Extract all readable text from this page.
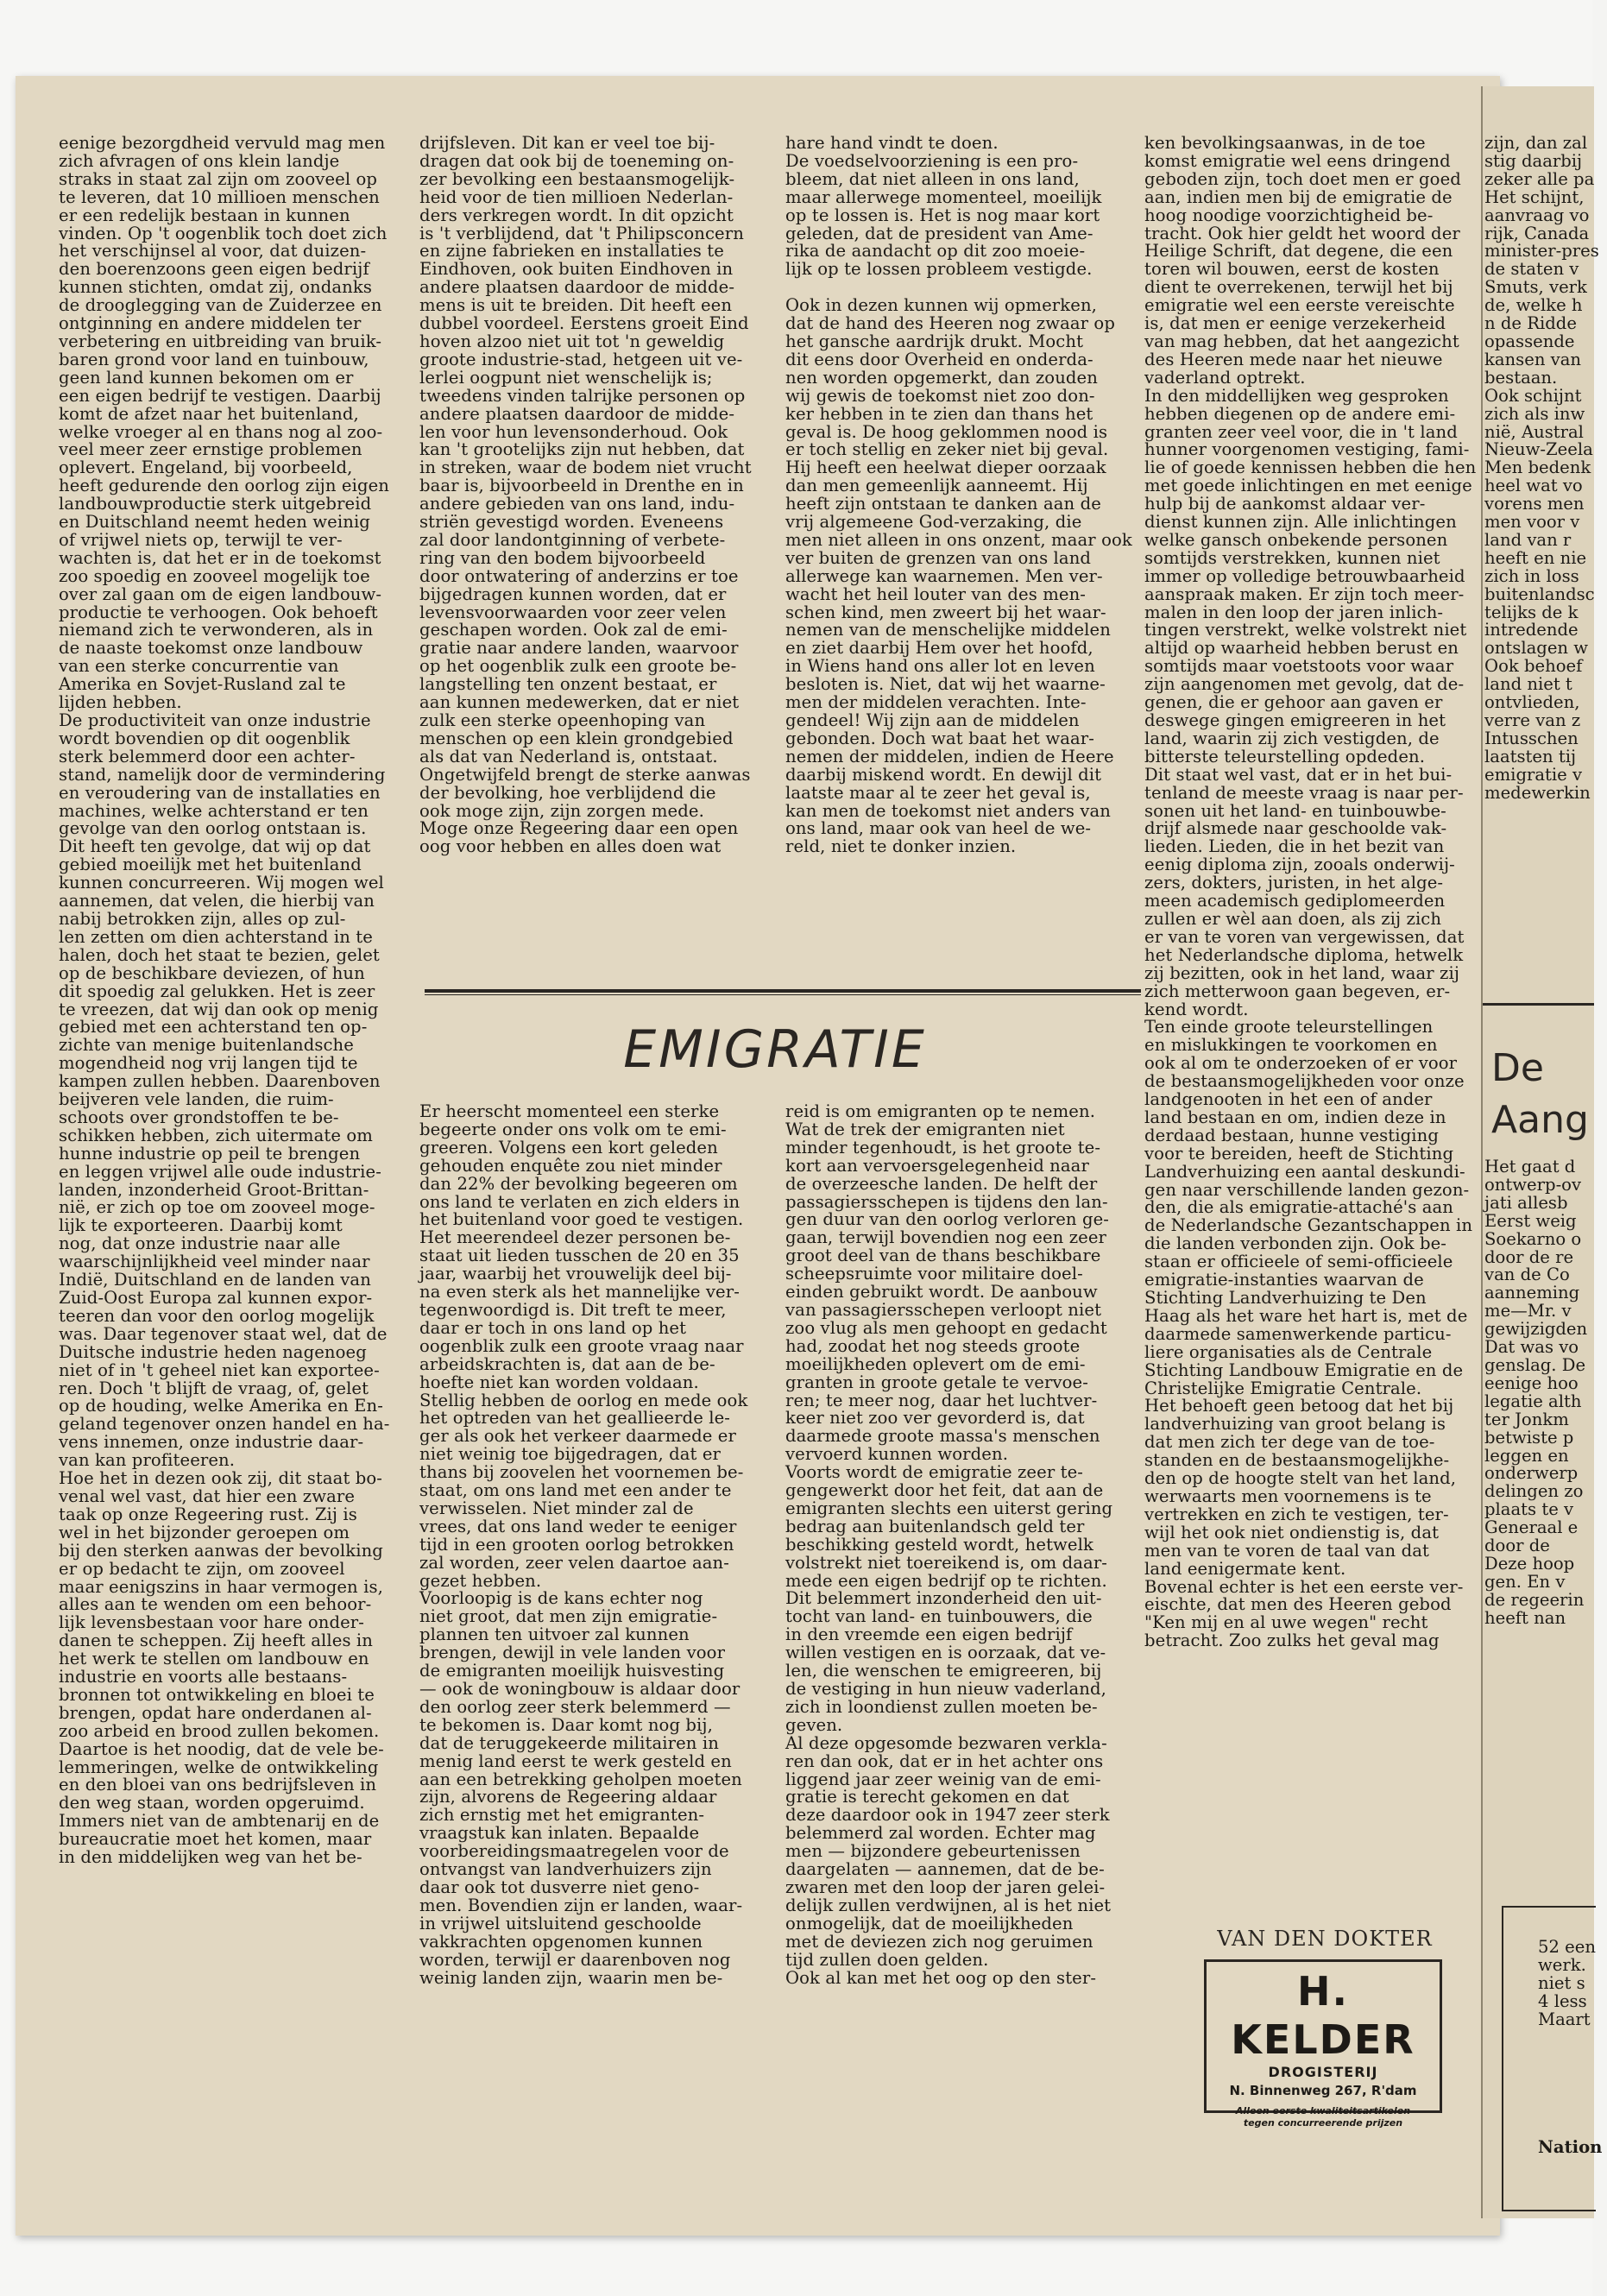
eenige bezorgdheid vervuld mag men
zich afvragen of ons klein landje
straks in staat zal zijn om zooveel op
te leveren, dat 10 millioen menschen
er een redelijk bestaan in kunnen
vinden. Op 't oogenblik toch doet zich
het verschijnsel al voor, dat duizen-
den boerenzoons geen eigen bedrijf
kunnen stichten, omdat zij, ondanks
de drooglegging van de Zuiderzee en
ontginning en andere middelen ter
verbetering en uitbreiding van bruik-
baren grond voor land en tuinbouw,
geen land kunnen bekomen om er
een eigen bedrijf te vestigen. Daarbij
komt de afzet naar het buitenland,
welke vroeger al en thans nog al zoo-
veel meer zeer ernstige problemen
oplevert. Engeland, bij voorbeeld,
heeft gedurende den oorlog zijn eigen
landbouwproductie sterk uitgebreid
en Duitschland neemt heden weinig
of vrijwel niets op, terwijl te ver-
wachten is, dat het er in de toekomst
zoo spoedig en zooveel mogelijk toe
over zal gaan om de eigen landbouw-
productie te verhoogen. Ook behoeft
niemand zich te verwonderen, als in
de naaste toekomst onze landbouw
van een sterke concurrentie van
Amerika en Sovjet-Rusland zal te
lijden hebben.
De productiviteit van onze industrie
wordt bovendien op dit oogenblik
sterk belemmerd door een achter-
stand, namelijk door de vermindering
en veroudering van de installaties en
machines, welke achterstand er ten
gevolge van den oorlog ontstaan is.
Dit heeft ten gevolge, dat wij op dat
gebied moeilijk met het buitenland
kunnen concurreeren. Wij mogen wel
aannemen, dat velen, die hierbij van
nabij betrokken zijn, alles op zul-
len zetten om dien achterstand in te
halen, doch het staat te bezien, gelet
op de beschikbare deviezen, of hun
dit spoedig zal gelukken. Het is zeer
te vreezen, dat wij dan ook op menig
gebied met een achterstand ten op-
zichte van menige buitenlandsche
mogendheid nog vrij langen tijd te
kampen zullen hebben. Daarenboven
beijveren vele landen, die ruim-
schoots over grondstoffen te be-
schikken hebben, zich uitermate om
hunne industrie op peil te brengen
en leggen vrijwel alle oude industrie-
landen, inzonderheid Groot-Brittan-
nië, er zich op toe om zooveel moge-
lijk te exporteeren. Daarbij komt
nog, dat onze industrie naar alle
waarschijnlijkheid veel minder naar
Indië, Duitschland en de landen van
Zuid-Oost Europa zal kunnen expor-
teeren dan voor den oorlog mogelijk
was. Daar tegenover staat wel, dat de
Duitsche industrie heden nagenoeg
niet of in 't geheel niet kan exportee-
ren. Doch 't blijft de vraag, of, gelet
op de houding, welke Amerika en En-
geland tegenover onzen handel en ha-
vens innemen, onze industrie daar-
van kan profiteeren.
Hoe het in dezen ook zij, dit staat bo-
venal wel vast, dat hier een zware
taak op onze Regeering rust. Zij is
wel in het bijzonder geroepen om
bij den sterken aanwas der bevolking
er op bedacht te zijn, om zooveel
maar eenigszins in haar vermogen is,
alles aan te wenden om een behoor-
lijk levensbestaan voor hare onder-
danen te scheppen. Zij heeft alles in
het werk te stellen om landbouw en
industrie en voorts alle bestaans-
bronnen tot ontwikkeling en bloei te
brengen, opdat hare onderdanen al-
zoo arbeid en brood zullen bekomen.
Daartoe is het noodig, dat de vele be-
lemmeringen, welke de ontwikkeling
en den bloei van ons bedrijfsleven in
den weg staan, worden opgeruimd.
Immers niet van de ambtenarij en de
bureaucratie moet het komen, maar
in den middelijken weg van het be-
drijfsleven. Dit kan er veel toe bij-
dragen dat ook bij de toeneming on-
zer bevolking een bestaansmogelijk-
heid voor de tien millioen Nederlan-
ders verkregen wordt. In dit opzicht
is 't verblijdend, dat 't Philipsconcern
en zijne fabrieken en installaties te
Eindhoven, ook buiten Eindhoven in
andere plaatsen daardoor de midde-
mens is uit te breiden. Dit heeft een
dubbel voordeel. Eerstens groeit Eind
hoven alzoo niet uit tot 'n geweldig
groote industrie-stad, hetgeen uit ve-
lerlei oogpunt niet wenschelijk is;
tweedens vinden talrijke personen op
andere plaatsen daardoor de midde-
len voor hun levensonderhoud. Ook
kan 't grootelijks zijn nut hebben, dat
in streken, waar de bodem niet vrucht
baar is, bijvoorbeeld in Drenthe en in
andere gebieden van ons land, indu-
striën gevestigd worden. Eveneens
zal door landontginning of verbete-
ring van den bodem bijvoorbeeld
door ontwatering of anderzins er toe
bijgedragen kunnen worden, dat er
levensvoorwaarden voor zeer velen
geschapen worden. Ook zal de emi-
gratie naar andere landen, waarvoor
op het oogenblik zulk een groote be-
langstelling ten onzent bestaat, er
aan kunnen medewerken, dat er niet
zulk een sterke opeenhoping van
menschen op een klein grondgebied
als dat van Nederland is, ontstaat.
Ongetwijfeld brengt de sterke aanwas
der bevolking, hoe verblijdend die
ook moge zijn, zijn zorgen mede.
Moge onze Regeering daar een open
oog voor hebben en alles doen wat
hare hand vindt te doen.
De voedselvoorziening is een pro-
bleem, dat niet alleen in ons land,
maar allerwege momenteel, moeilijk
op te lossen is. Het is nog maar kort
geleden, dat de president van Ame-
rika de aandacht op dit zoo moeie-
lijk op te lossen probleem vestigde.

Ook in dezen kunnen wij opmerken,
dat de hand des Heeren nog zwaar op
het gansche aardrijk drukt. Mocht
dit eens door Overheid en onderda-
nen worden opgemerkt, dan zouden
wij gewis de toekomst niet zoo don-
ker hebben in te zien dan thans het
geval is. De hoog geklommen nood is
er toch stellig en zeker niet bij geval.
Hij heeft een heelwat dieper oorzaak
dan men gemeenlijk aanneemt. Hij
heeft zijn ontstaan te danken aan de
vrij algemeene God-verzaking, die
men niet alleen in ons onzent, maar ook
ver buiten de grenzen van ons land
allerwege kan waarnemen. Men ver-
wacht het heil louter van des men-
schen kind, men zweert bij het waar-
nemen van de menschelijke middelen
en ziet daarbij Hem over het hoofd,
in Wiens hand ons aller lot en leven
besloten is. Niet, dat wij het waarne-
men der middelen verachten. Inte-
gendeel! Wij zijn aan de middelen
gebonden. Doch wat baat het waar-
nemen der middelen, indien de Heere
daarbij miskend wordt. En dewijl dit
laatste maar al te zeer het geval is,
kan men de toekomst niet anders van
ons land, maar ook van heel de we-
reld, niet te donker inzien.
ken bevolkingsaanwas, in de toe
komst emigratie wel eens dringend
geboden zijn, toch doet men er goed
aan, indien men bij de emigratie de
hoog noodige voorzichtigheid be-
tracht. Ook hier geldt het woord der
Heilige Schrift, dat degene, die een
toren wil bouwen, eerst de kosten
dient te overrekenen, terwijl het bij
emigratie wel een eerste vereischte
is, dat men er eenige verzekerheid
van mag hebben, dat het aangezicht
des Heeren mede naar het nieuwe
vaderland optrekt.
In den middellijken weg gesproken
hebben diegenen op de andere emi-
granten zeer veel voor, die in 't land
hunner voorgenomen vestiging, fami-
lie of goede kennissen hebben die hen
met goede inlichtingen en met eenige
hulp bij de aankomst aldaar ver-
dienst kunnen zijn. Alle inlichtingen
welke gansch onbekende personen
somtijds verstrekken, kunnen niet
immer op volledige betrouwbaarheid
aanspraak maken. Er zijn toch meer-
malen in den loop der jaren inlich-
tingen verstrekt, welke volstrekt niet
altijd op waarheid hebben berust en
somtijds maar voetstoots voor waar
zijn aangenomen met gevolg, dat de-
genen, die er gehoor aan gaven er
deswege gingen emigreeren in het
land, waarin zij zich vestigden, de
bitterste teleurstelling opdeden.
Dit staat wel vast, dat er in het bui-
tenland de meeste vraag is naar per-
sonen uit het land- en tuinbouwbe-
drijf alsmede naar geschoolde vak-
lieden. Lieden, die in het bezit van
eenig diploma zijn, zooals onderwij-
zers, dokters, juristen, in het alge-
meen academisch gediplomeerden
zullen er wèl aan doen, als zij zich
er van te voren van vergewissen, dat
het Nederlandsche diploma, hetwelk
zij bezitten, ook in het land, waar zij
zich metterwoon gaan begeven, er-
kend wordt.
Ten einde groote teleurstellingen
en mislukkingen te voorkomen en
ook al om te onderzoeken of er voor
de bestaansmogelijkheden voor onze
landgenooten in het een of ander
land bestaan en om, indien deze in
derdaad bestaan, hunne vestiging
voor te bereiden, heeft de Stichting
Landverhuizing een aantal deskundi-
gen naar verschillende landen gezon-
den, die als emigratie-attaché's aan
de Nederlandsche Gezantschappen in
die landen verbonden zijn. Ook be-
staan er officieele of semi-officieele
emigratie-instanties waarvan de
Stichting Landverhuizing te Den
Haag als het ware het hart is, met de
daarmede samenwerkende particu-
liere organisaties als de Centrale
Stichting Landbouw Emigratie en de
Christelijke Emigratie Centrale.
Het behoeft geen betoog dat het bij
landverhuizing van groot belang is
dat men zich ter dege van de toe-
standen en de bestaansmogelijkhe-
den op de hoogte stelt van het land,
werwaarts men voornemens is te
vertrekken en zich te vestigen, ter-
wijl het ook niet ondienstig is, dat
men van te voren de taal van dat
land eenigermate kent.
Bovenal echter is het een eerste ver-
eischte, dat men des Heeren gebod
"Ken mij en al uwe wegen" recht
betracht. Zoo zulks het geval mag
EMIGRATIE
Er heerscht momenteel een sterke
begeerte onder ons volk om te emi-
greeren. Volgens een kort geleden
gehouden enquête zou niet minder
dan 22% der bevolking begeeren om
ons land te verlaten en zich elders in
het buitenland voor goed te vestigen.
Het meerendeel dezer personen be-
staat uit lieden tusschen de 20 en 35
jaar, waarbij het vrouwelijk deel bij-
na even sterk als het mannelijke ver-
tegenwoordigd is. Dit treft te meer,
daar er toch in ons land op het
oogenblik zulk een groote vraag naar
arbeidskrachten is, dat aan de be-
hoefte niet kan worden voldaan.
Stellig hebben de oorlog en mede ook
het optreden van het geallieerde le-
ger als ook het verkeer daarmede er
niet weinig toe bijgedragen, dat er
thans bij zoovelen het voornemen be-
staat, om ons land met een ander te
verwisselen. Niet minder zal de
vrees, dat ons land weder te eeniger
tijd in een grooten oorlog betrokken
zal worden, zeer velen daartoe aan-
gezet hebben.
Voorloopig is de kans echter nog
niet groot, dat men zijn emigratie-
plannen ten uitvoer zal kunnen
brengen, dewijl in vele landen voor
de emigranten moeilijk huisvesting
— ook de woningbouw is aldaar door
den oorlog zeer sterk belemmerd —
te bekomen is. Daar komt nog bij,
dat de teruggekeerde militairen in
menig land eerst te werk gesteld en
aan een betrekking geholpen moeten
zijn, alvorens de Regeering aldaar
zich ernstig met het emigranten-
vraagstuk kan inlaten. Bepaalde
voorbereidingsmaatregelen voor de
ontvangst van landverhuizers zijn
daar ook tot dusverre niet geno-
men. Bovendien zijn er landen, waar-
in vrijwel uitsluitend geschoolde
vakkrachten opgenomen kunnen
worden, terwijl er daarenboven nog
weinig landen zijn, waarin men be-
reid is om emigranten op te nemen.
Wat de trek der emigranten niet
minder tegenhoudt, is het groote te-
kort aan vervoersgelegenheid naar
de overzeesche landen. De helft der
passagiersschepen is tijdens den lan-
gen duur van den oorlog verloren ge-
gaan, terwijl bovendien nog een zeer
groot deel van de thans beschikbare
scheepsruimte voor militaire doel-
einden gebruikt wordt. De aanbouw
van passagiersschepen verloopt niet
zoo vlug als men gehoopt en gedacht
had, zoodat het nog steeds groote
moeilijkheden oplevert om de emi-
granten in groote getale te vervoe-
ren; te meer nog, daar het luchtver-
keer niet zoo ver gevorderd is, dat
daarmede groote massa's menschen
vervoerd kunnen worden.
Voorts wordt de emigratie zeer te-
gengewerkt door het feit, dat aan de
emigranten slechts een uiterst gering
bedrag aan buitenlandsch geld ter
beschikking gesteld wordt, hetwelk
volstrekt niet toereikend is, om daar-
mede een eigen bedrijf op te richten.
Dit belemmert inzonderheid den uit-
tocht van land- en tuinbouwers, die
in den vreemde een eigen bedrijf
willen vestigen en is oorzaak, dat ve-
len, die wenschen te emigreeren, bij
de vestiging in hun nieuw vaderland,
zich in loondienst zullen moeten be-
geven.
Al deze opgesomde bezwaren verkla-
ren dan ook, dat er in het achter ons
liggend jaar zeer weinig van de emi-
gratie is terecht gekomen en dat
deze daardoor ook in 1947 zeer sterk
belemmerd zal worden. Echter mag
men — bijzondere gebeurtenissen
daargelaten — aannemen, dat de be-
zwaren met den loop der jaren gelei-
delijk zullen verdwijnen, al is het niet
onmogelijk, dat de moeilijkheden
met de deviezen zich nog geruimen
tijd zullen doen gelden.
Ook al kan met het oog op den ster-
VAN DEN DOKTER
H. KELDER
DROGISTERIJ
N. Binnenweg 267, R'dam
Alleen eerste kwaliteitsartikelen
tegen concurreerende prijzen
zijn, dan zal
stig daarbij
zeker alle pa
Het schijnt,
aanvraag vo
rijk, Canada
minister-pres
de staten v
Smuts, verk
de, welke h
n de Ridde
opassende
kansen van
bestaan.
Ook schijnt
zich als inw
nië, Austral
Nieuw-Zeela
Men bedenk
heel wat vo
vorens men
men voor v
land van r
heeft en nie
zich in loss
buitenlandsc
telijks de k
intredende
ontslagen w
Ook behoef
land niet t
ontvlieden,
verre van z
Intusschen
laatsten tij
emigratie v
medewerkin
De
Aang
Het gaat d
ontwerp-ov
jati allesb
Eerst weig
Soekarno o
door de re
van de Co
aanneming
me—Mr. v
gewijzigden
Dat was vo
genslag. De
eenige hoo
legatie alth
ter Jonkm
betwiste p
leggen en
onderwerp
delingen zo
plaats te v
Generaal e
door de
Deze hoop
gen. En v
de regeerin
heeft nan
52 een
werk.
niet s
4 less
Maart
Nation
